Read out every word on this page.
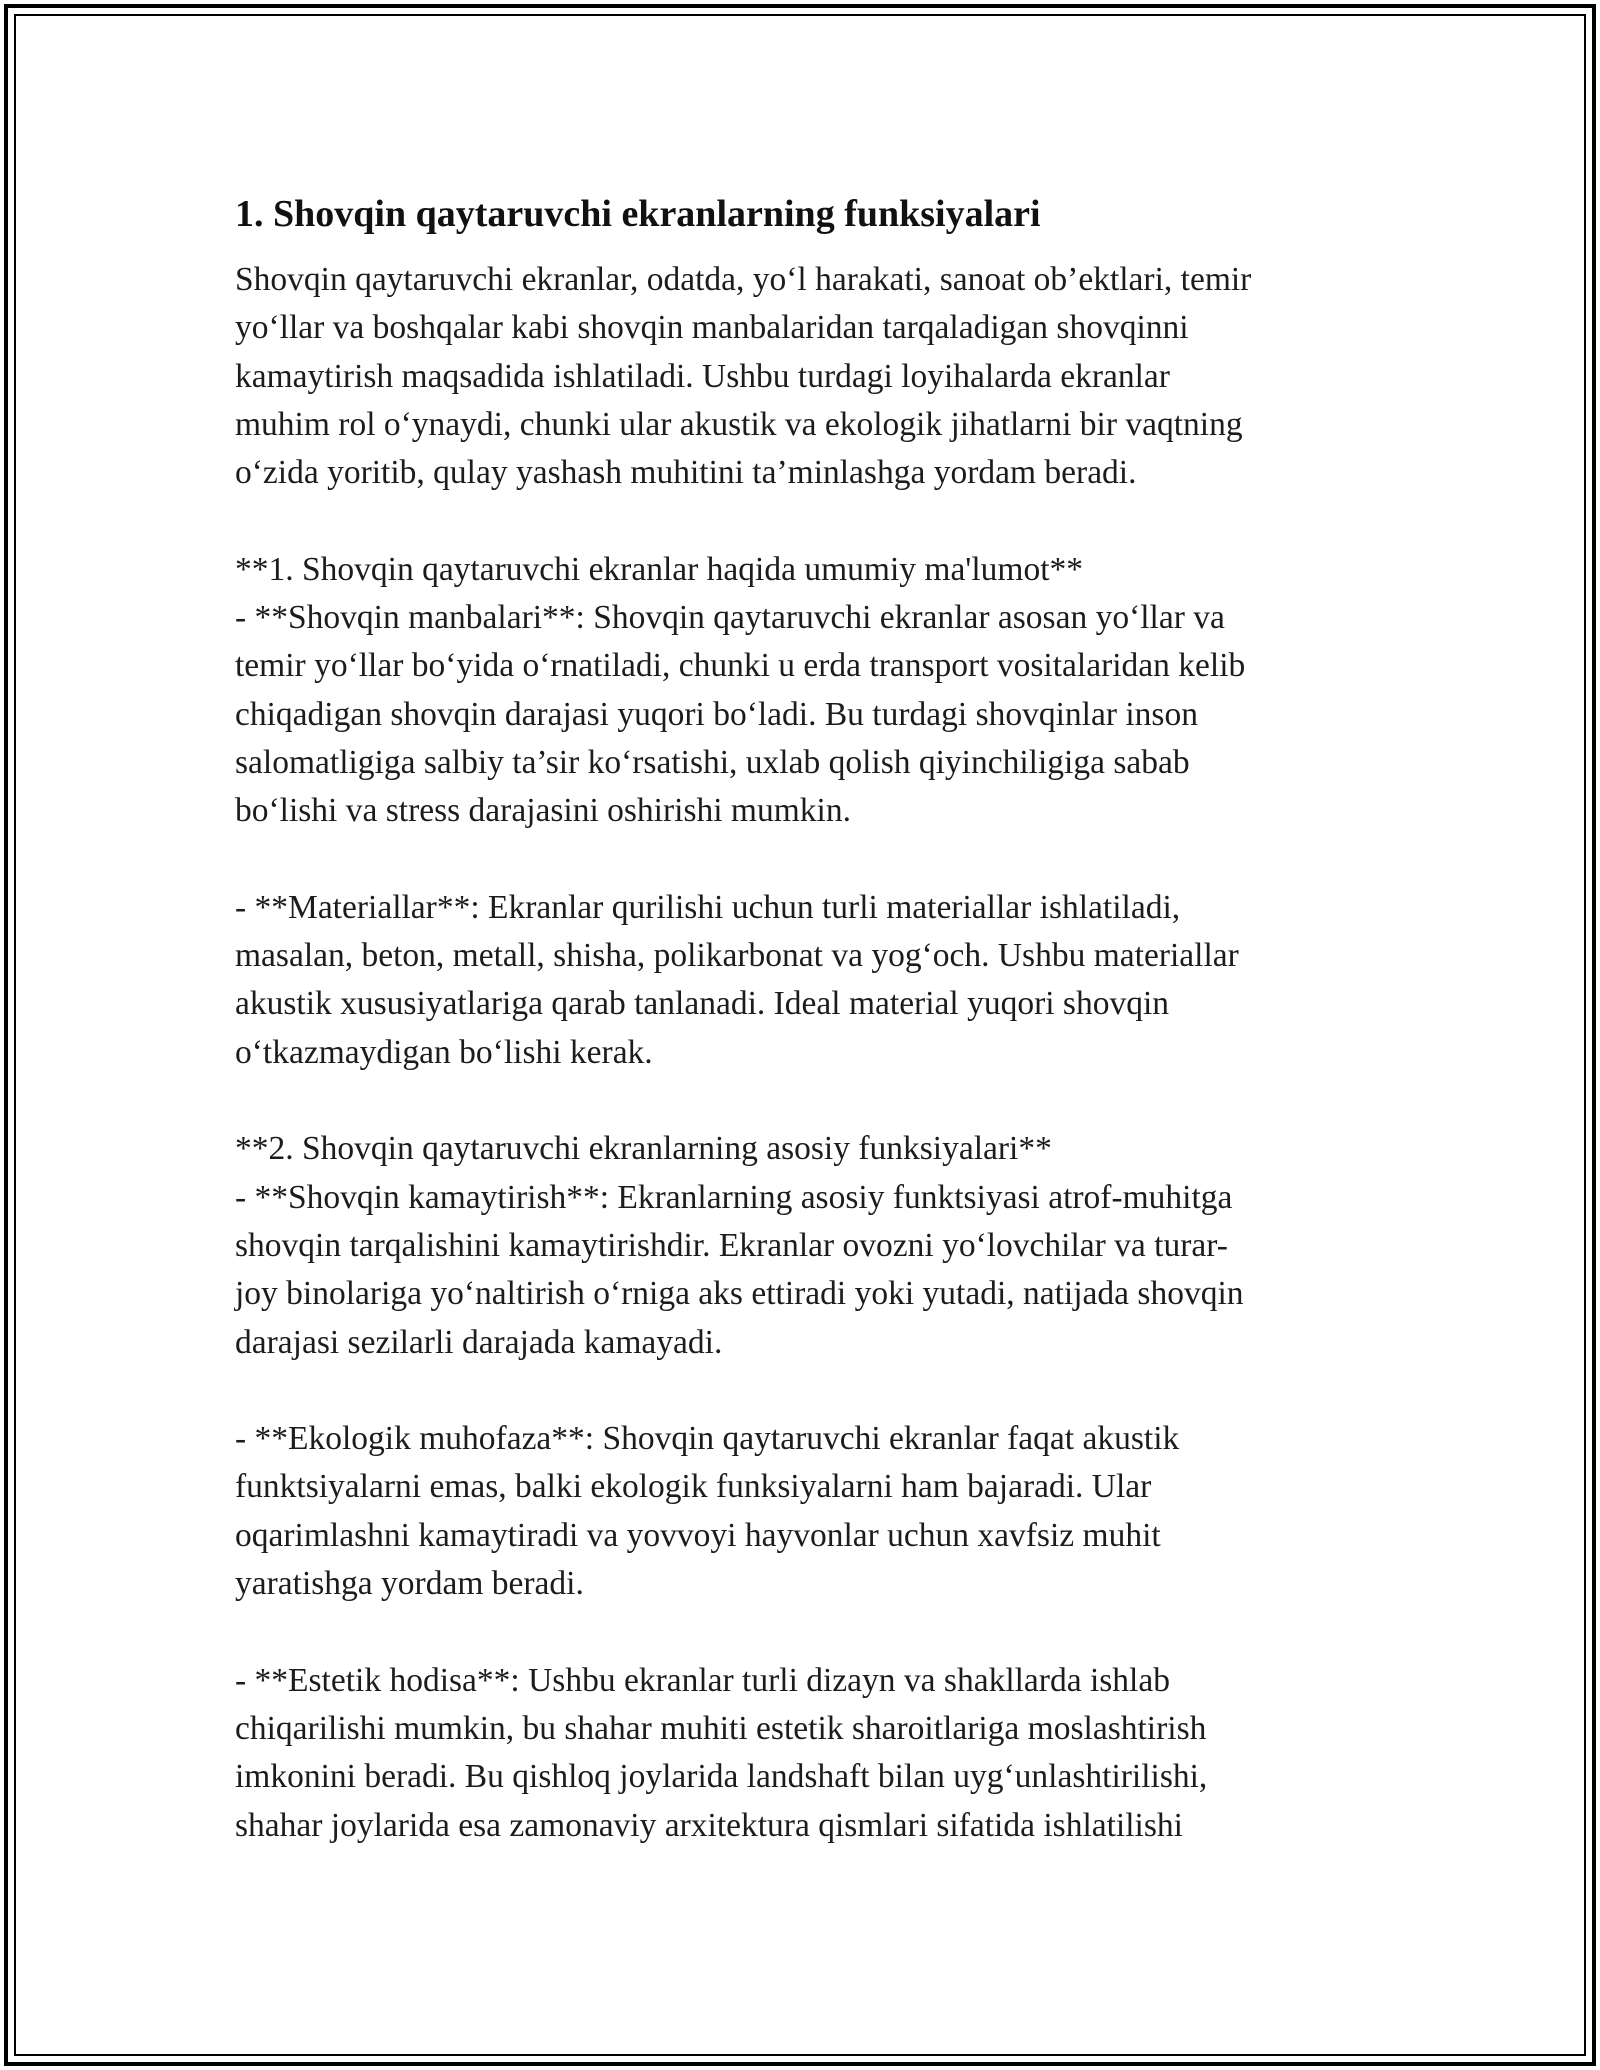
1. Shovqin qaytaruvchi ekranlarning funksiyalari
Shovqin qaytaruvchi ekranlar, odatda, yo‘l harakati, sanoat ob’ektlari, temir
yo‘llar va boshqalar kabi shovqin manbalaridan tarqaladigan shovqinni
kamaytirish maqsadida ishlatiladi. Ushbu turdagi loyihalarda ekranlar
muhim rol o‘ynaydi, chunki ular akustik va ekologik jihatlarni bir vaqtning
o‘zida yoritib, qulay yashash muhitini ta’minlashga yordam beradi.
**1. Shovqin qaytaruvchi ekranlar haqida umumiy ma'lumot**
- **Shovqin manbalari**: Shovqin qaytaruvchi ekranlar asosan yo‘llar va
temir yo‘llar bo‘yida o‘rnatiladi, chunki u erda transport vositalaridan kelib
chiqadigan shovqin darajasi yuqori bo‘ladi. Bu turdagi shovqinlar inson
salomatligiga salbiy ta’sir ko‘rsatishi, uxlab qolish qiyinchiligiga sabab
bo‘lishi va stress darajasini oshirishi mumkin.
- **Materiallar**: Ekranlar qurilishi uchun turli materiallar ishlatiladi,
masalan, beton, metall, shisha, polikarbonat va yog‘och. Ushbu materiallar
akustik xususiyatlariga qarab tanlanadi. Ideal material yuqori shovqin
o‘tkazmaydigan bo‘lishi kerak.
**2. Shovqin qaytaruvchi ekranlarning asosiy funksiyalari**
- **Shovqin kamaytirish**: Ekranlarning asosiy funktsiyasi atrof-muhitga
shovqin tarqalishini kamaytirishdir. Ekranlar ovozni yo‘lovchilar va turar-
joy binolariga yo‘naltirish o‘rniga aks ettiradi yoki yutadi, natijada shovqin
darajasi sezilarli darajada kamayadi.
- **Ekologik muhofaza**: Shovqin qaytaruvchi ekranlar faqat akustik
funktsiyalarni emas, balki ekologik funksiyalarni ham bajaradi. Ular
oqarimlashni kamaytiradi va yovvoyi hayvonlar uchun xavfsiz muhit
yaratishga yordam beradi.
- **Estetik hodisa**: Ushbu ekranlar turli dizayn va shakllarda ishlab
chiqarilishi mumkin, bu shahar muhiti estetik sharoitlariga moslashtirish
imkonini beradi. Bu qishloq joylarida landshaft bilan uyg‘unlashtirilishi,
shahar joylarida esa zamonaviy arxitektura qismlari sifatida ishlatilishi
